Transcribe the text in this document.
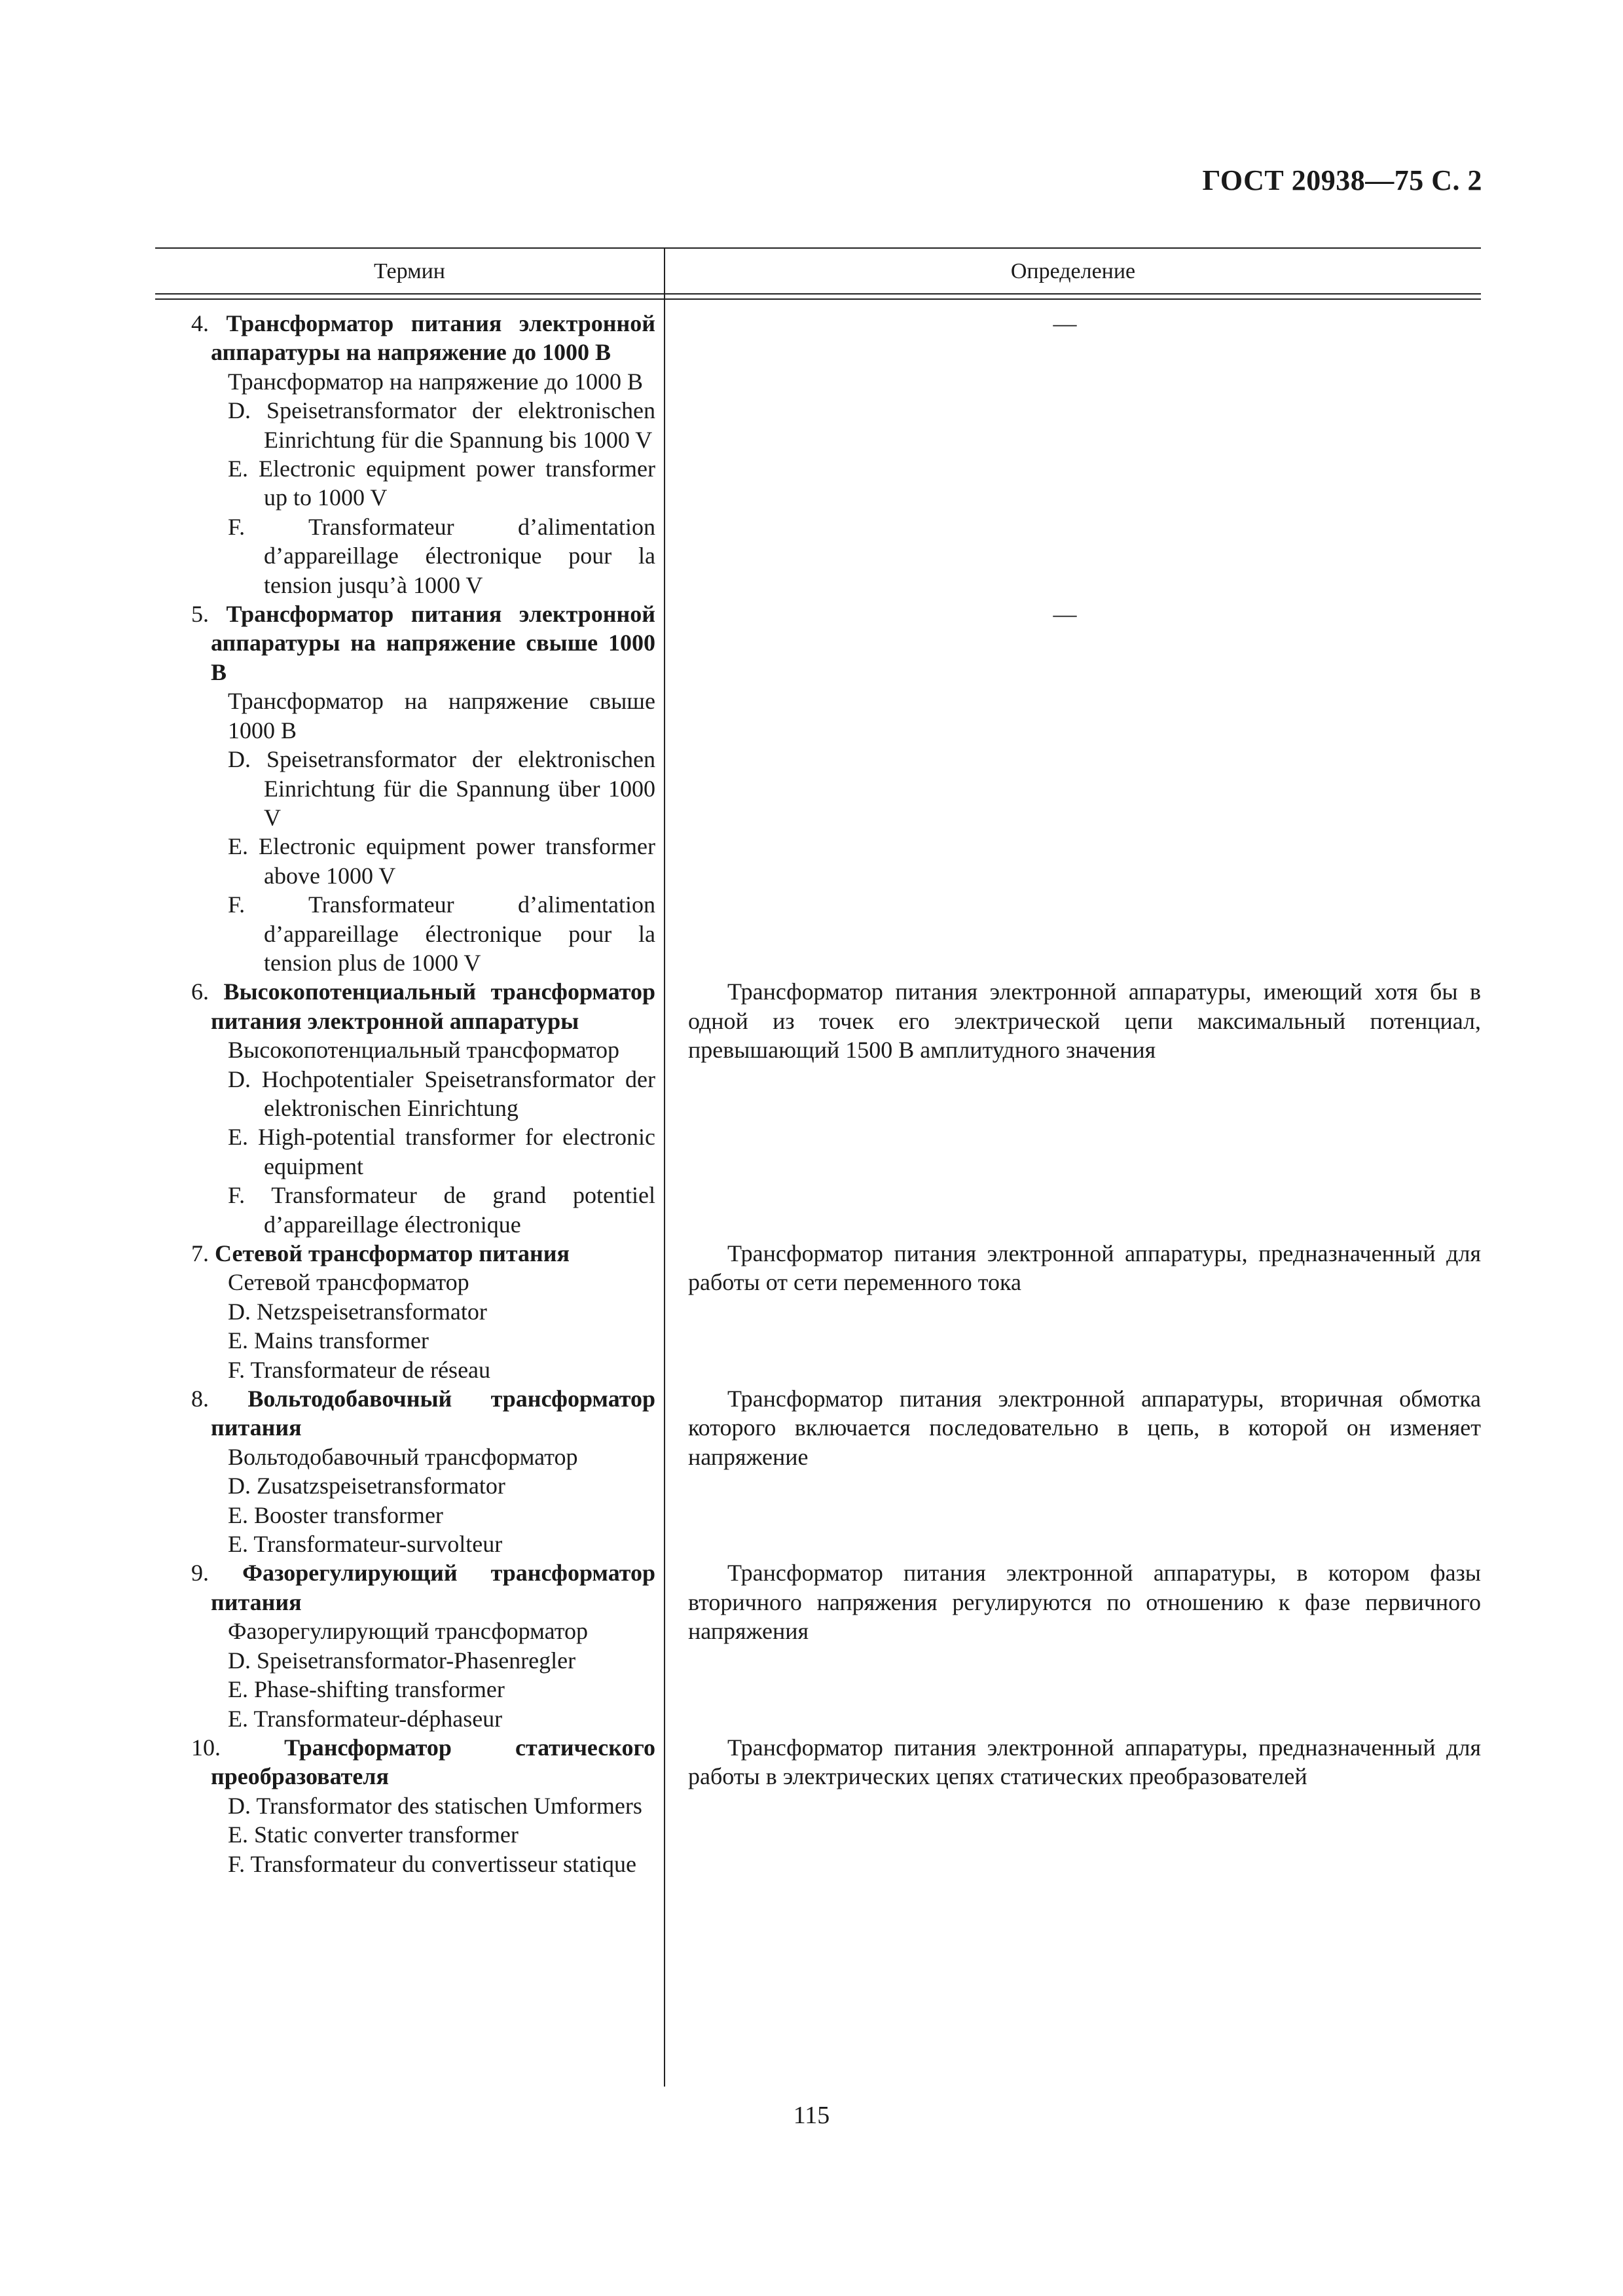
ГОСТ 20938—75 С. 2
Термин	Определение
4. Трансформатор питания электронной аппаратуры на напряжение до 1000 В
Трансформатор на напряжение до 1000 В
D. Speisetransformator der elektronischen Einrichtung für die Spannung bis 1000 V
E. Electronic equipment power transformer up to 1000 V
F. Transformateur d’alimentation d’appareillage électronique pour la tension jusqu’à 1000 V
—
5. Трансформатор питания электронной аппаратуры на напряжение свыше 1000 В
Трансформатор на напряжение свыше 1000 В
D. Speisetransformator der elektronischen Einrichtung für die Spannung über 1000 V
E. Electronic equipment power transformer above 1000 V
F. Transformateur d’alimentation d’appareillage électronique pour la tension plus de 1000 V
—
6. Высокопотенциальный трансформатор питания электронной аппаратуры
Высокопотенциальный трансформатор
D. Hochpotentialer Speisetransformator der elektronischen Einrichtung
E. High-potential transformer for electronic equipment
F. Transformateur de grand potentiel d’appareillage électronique
Трансформатор питания электронной аппаратуры, имеющий хотя бы в одной из точек его электрической цепи максимальный потенциал, превышающий 1500 В амплитудного значения
7. Сетевой трансформатор питания
Сетевой трансформатор
D. Netzspeisetransformator
E. Mains transformer
F. Transformateur de réseau
Трансформатор питания электронной аппаратуры, предназначенный для работы от сети переменного тока
8. Вольтодобавочный трансформатор питания
Вольтодобавочный трансформатор
D. Zusatzspeisetransformator
E. Booster transformer
E. Transformateur-survolteur
Трансформатор питания электронной аппаратуры, вторичная обмотка которого включается последовательно в цепь, в которой он изменяет напряжение
9. Фазорегулирующий трансформатор питания
Фазорегулирующий трансформатор
D. Speisetransformator-Phasenregler
E. Phase-shifting transformer
E. Transformateur-déphaseur
Трансформатор питания электронной аппаратуры, в котором фазы вторичного напряжения регулируются по отношению к фазе первичного напряжения
10.	Трансформатор статического преобразователя
D. Transformator des statischen Umformers
E. Static converter transformer
F. Transformateur du convertisseur statique
Трансформатор питания электронной аппаратуры, предназначенный для работы в электрических цепях статических преобразователей
115
